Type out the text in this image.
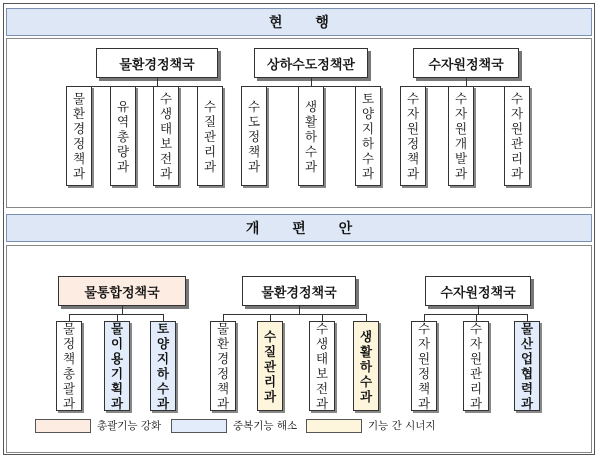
현 행
개 편 안
물환경정책국
물
환
경
정
책
과
유
역
총
량
과
수
생
태
보
전
과
수
질
관
리
과
상하수도정책관
수
도
정
책
과
생
활
하
수
과
토
양
지
하
수
과
수자원정책국
수
자
원
정
책
과
수
자
원
개
발
과
수
자
원
관
리
과
물통합정책국
물
정
책
총
괄
과
물
이
용
기
획
과
토
양
지
하
수
과
물환경정책국
물
환
경
정
책
과
수
질
관
리
과
수
생
태
보
전
과
생
활
하
수
과
수자원정책국
수
자
원
정
책
과
수
자
원
관
리
과
물
산
업
협
력
과
총괄기능 강화	중복기능 해소	기능 간 시너지
